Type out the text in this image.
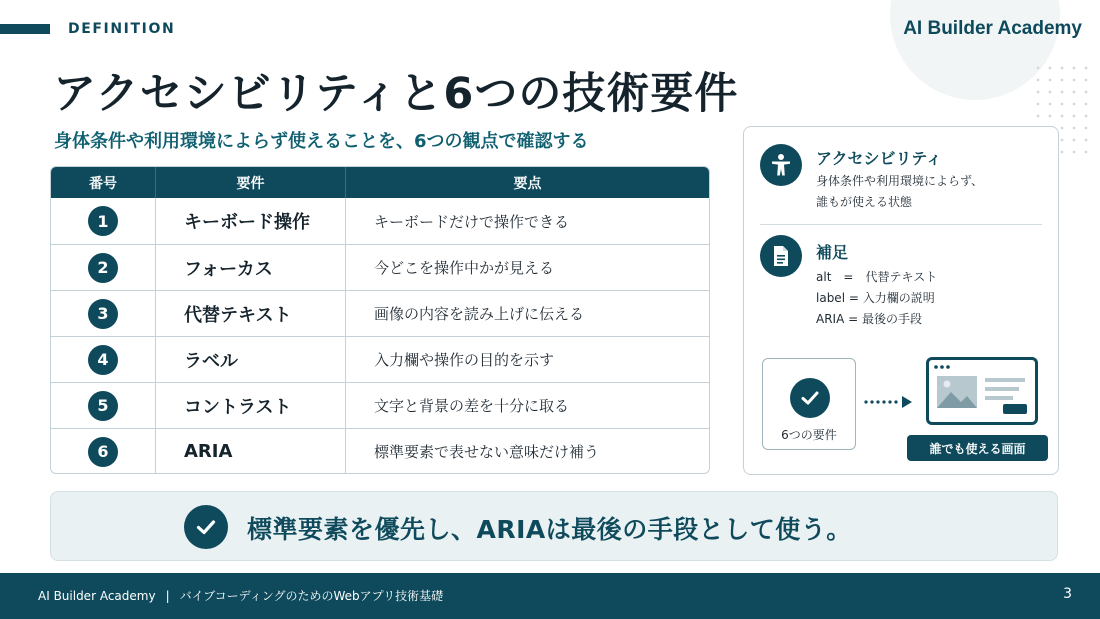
DEFINITION	AI Builder Academy
アクセシビリティと6つの技術要件
身体条件や利用環境によらず使えることを、6つの観点で確認する
番号	要件	要点
1	キーボード操作	キーボードだけで操作できる
2	フォーカス	今どこを操作中かが見える
3	代替テキスト	画像の内容を読み上げに伝える
4	ラベル	入力欄や操作の目的を示す
5	コントラスト	文字と背景の差を十分に取る
6	ARIA	標準要素で表せない意味だけ補う
アクセシビリティ
身体条件や利用環境によらず、
誰もが使える状態
補足
alt　=　代替テキスト
label = 入力欄の説明
ARIA = 最後の手段
6つの要件
誰でも使える画面
標準要素を優先し、ARIAは最後の手段として使う。
AI Builder Academy | バイブコーディングのためのWebアプリ技術基礎	3
